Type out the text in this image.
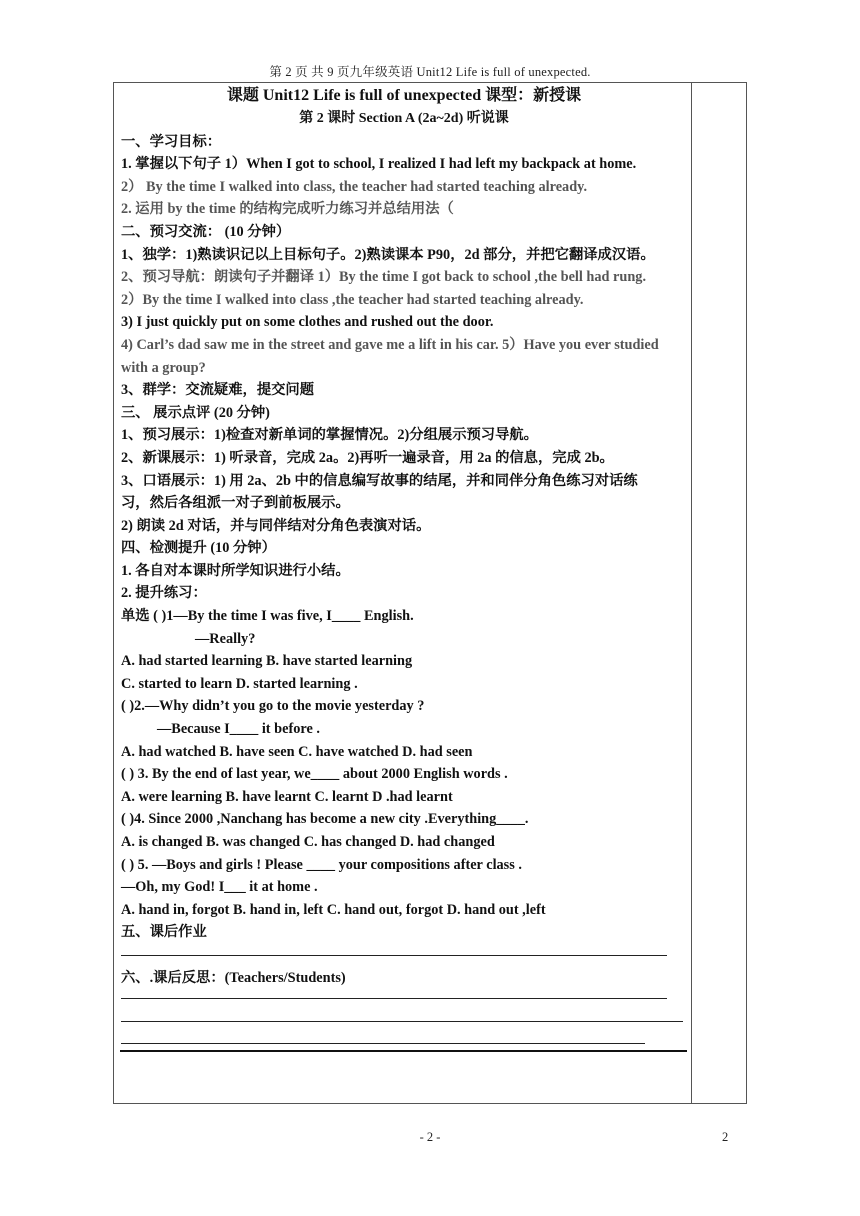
第 2 页 共 9 页九年级英语 Unit12 Life is full of unexpected.
课题 Unit12 Life is full of unexpected 课型：新授课
第 2 课时 Section A (2a~2d) 听说课
一、学习目标：
1. 掌握以下句子 1）When I got to school, I realized I had left my backpack at home.
2） By the time I walked into class, the teacher had started teaching already.
2. 运用 by the time 的结构完成听力练习并总结用法（
二、预习交流： (10 分钟）
1、独学：1)熟读识记以上目标句子。2)熟读课本 P90，2d 部分，并把它翻译成汉语。
2、预习导航：朗读句子并翻译 1）By the time I got back to school ,the bell had rung.
2）By the time I walked into class ,the teacher had started teaching already.
3) I just quickly put on some clothes and rushed out the door.
4) Carl’s dad saw me in the street and gave me a lift in his car. 5）Have you ever studied
with a group?
3、群学：交流疑难，提交问题
三、 展示点评 (20 分钟)
1、预习展示：1)检查对新单词的掌握情况。2)分组展示预习导航。
2、新课展示：1) 听录音，完成 2a。2)再听一遍录音，用 2a 的信息，完成 2b。
3、口语展示：1) 用 2a、2b 中的信息编写故事的结尾，并和同伴分角色练习对话练
习，然后各组派一对子到前板展示。
2) 朗读 2d 对话，并与同伴结对分角色表演对话。
四、检测提升 (10 分钟）
1. 各自对本课时所学知识进行小结。
2. 提升练习：
单选 ( )1—By the time I was five, I____ English.
—Really?
A. had started learning B. have started learning
C. started to learn D. started learning .
( )2.—Why didn’t you go to the movie yesterday ?
—Because I____ it before .
A. had watched B. have seen C. have watched D. had seen
( ) 3. By the end of last year, we____ about 2000 English words .
A. were learning B. have learnt C. learnt D .had learnt
( )4. Since 2000 ,Nanchang has become a new city .Everything____.
A. is changed B. was changed C. has changed D. had changed
( ) 5. —Boys and girls ! Please ____ your compositions after class .
—Oh, my God! I___ it at home .
A. hand in, forgot B. hand in, left C. hand out, forgot D. hand out ,left
五、课后作业
六、.课后反思：(Teachers/Students)
- 2 -	2
